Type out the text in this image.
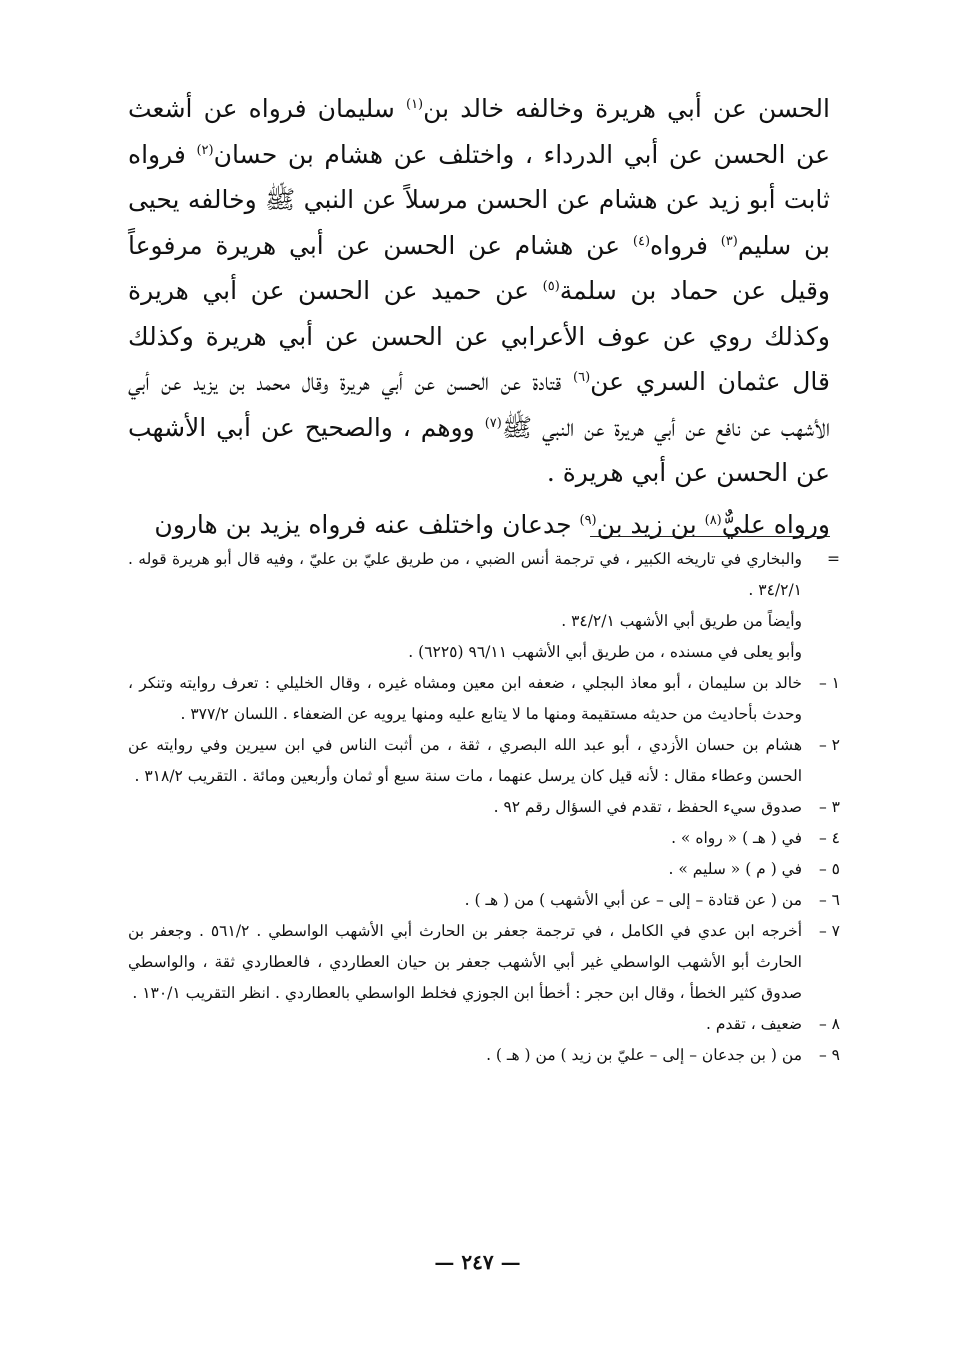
الحسن عن أبي هريرة وخالفه خالد بن$^{(١)}$ سليمان فرواه عن أشعث عن الحسن عن أبي الدرداء ، واختلف عن هشام بن حسان$^{(٢)}$ فرواه ثابت أبو زيد عن هشام عن الحسن مرسلاً عن النبي ﷺ وخالفه يحيى بن سليم$^{(٣)}$ فرواه$^{(٤)}$ عن هشام عن الحسن عن أبي هريرة مرفوعاً وقيل عن حماد بن سلمة$^{(٥)}$ عن حميد عن الحسن عن أبي هريرة وكذلك روي عن عوف الأعرابي عن الحسن عن أبي هريرة وكذلك قال عثمان السري عن$^{(٦)}$ قتادة عن الحسن عن أبي هريرة وقال محمد بن يزيد عن أبي الأشهب عن نافع عن أبي هريرة عن النبي ﷺ$^{(٧)}$ ووهم ، والصحيح عن أبي الأشهب عن الحسن عن أبي هريرة .

ورواه عليٌّ$^{(٨)}$ بن زيد بن$^{(٩)}$ جدعان واختلف عنه فرواه يزيد بن هارون

=
والبخاري في تاريخه الكبير ، في ترجمة أنس الضبي ، من طريق عليّ بن عليّ ، وفيه قال أبو هريرة قوله . ٣٤/٢/١ .
وأيضاً من طريق أبي الأشهب ٣٤/٢/١ .
وأبو يعلى في مسنده ، من طريق أبي الأشهب ٩٦/١١ (٦٢٢٥) .
١ –
خالد بن سليمان ، أبو معاذ البجلي ، ضعفه ابن معين ومشاه غيره ، وقال الخليلي : تعرف روايته وتنكر ، وحدث بأحاديث من حديثه مستقيمة ومنها ما لا يتابع عليه ومنها يرويه عن الضعفاء . اللسان ٣٧٧/٢ .
٢ –
هشام بن حسان الأزدي ، أبو عبد الله البصري ، ثقة ، من أثبت الناس في ابن سيرين وفي روايته عن الحسن وعطاء مقال : لأنه قيل كان يرسل عنهما ، مات سنة سبع أو ثمان وأربعين ومائة . التقريب ٣١٨/٢ .
٣ –
صدوق سيء الحفظ ، تقدم في السؤال رقم ٩٢ .
٤ –
في ( هـ ) « رواه » .
٥ –
في ( م ) « سليم » .
٦ –
من ( عن قتادة – إلى – عن أبي الأشهب ) من ( هـ ) .
٧ –
أخرجه ابن عدي في الكامل ، في ترجمة جعفر بن الحارث أبي الأشهب الواسطي . ٥٦١/٢ . وجعفر بن الحارث أبو الأشهب الواسطي غير أبي الأشهب جعفر بن حيان العطاردي ، فالعطاردي ثقة ، والواسطي صدوق كثير الخطأ ، وقال ابن حجر : أخطأ ابن الجوزي فخلط الواسطي بالعطاردي . انظر التقريب ١٣٠/١ .
٨ –
ضعيف ، تقدم .
٩ –
من ( بن جدعان – إلى – عليّ بن زيد ) من ( هـ ) .
— ٢٤٧ —
